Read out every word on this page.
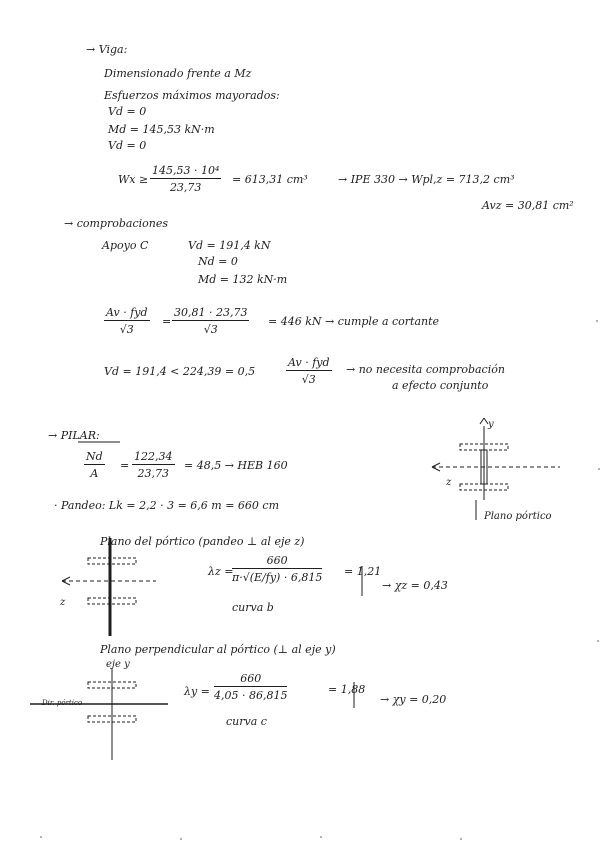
→ Viga:
Dimensionado frente a Mz
Esfuerzos máximos mayorados:
Vd = 0
Md = 145,53 kN·m
Vd = 0
$Wx \ge \frac{\text{145,53 · 10⁴}}{23,73} = 613,31$ cm³	→ IPE 330 → Wpl,z = 713,2 cm³
Avz = 30,81 cm²
→ comprobaciones
Apoyo C	Vd = 191,4 kN
Nd = 0
Md = 132 kN·m
Av · fyd
√3
= $\frac{30,81 \cdot 23,73}{√3} = 446$ kN → cumple a cortante
Vd = 191,4 < 224,39 = 0,5
Av · fyd
√3
→ no necesita comprobación
a efecto conjunto
→ PILAR:
$\frac{Nd}{A} = \frac{122,34}{23,73} = 48,5$ → HEB 160
· Pandeo: Lk = 2,2 · 3 = 6,6 m = 660 cm
Plano del pórtico (pandeo ⊥ al eje z)
λz =
$\frac{660}{\pi\cdot√(E/fy) \cdot 6,815} = 1,21$
curva b
→ χz = 0,43
Plano perpendicular al pórtico (⊥ al eje y)
eje y
$\lambda y = \frac{660}{4,05 \cdot 86,815}$	= 1,88
curva c
→ χy = 0,20
Dir. pórtico
y
z
Plano pórtico
z
